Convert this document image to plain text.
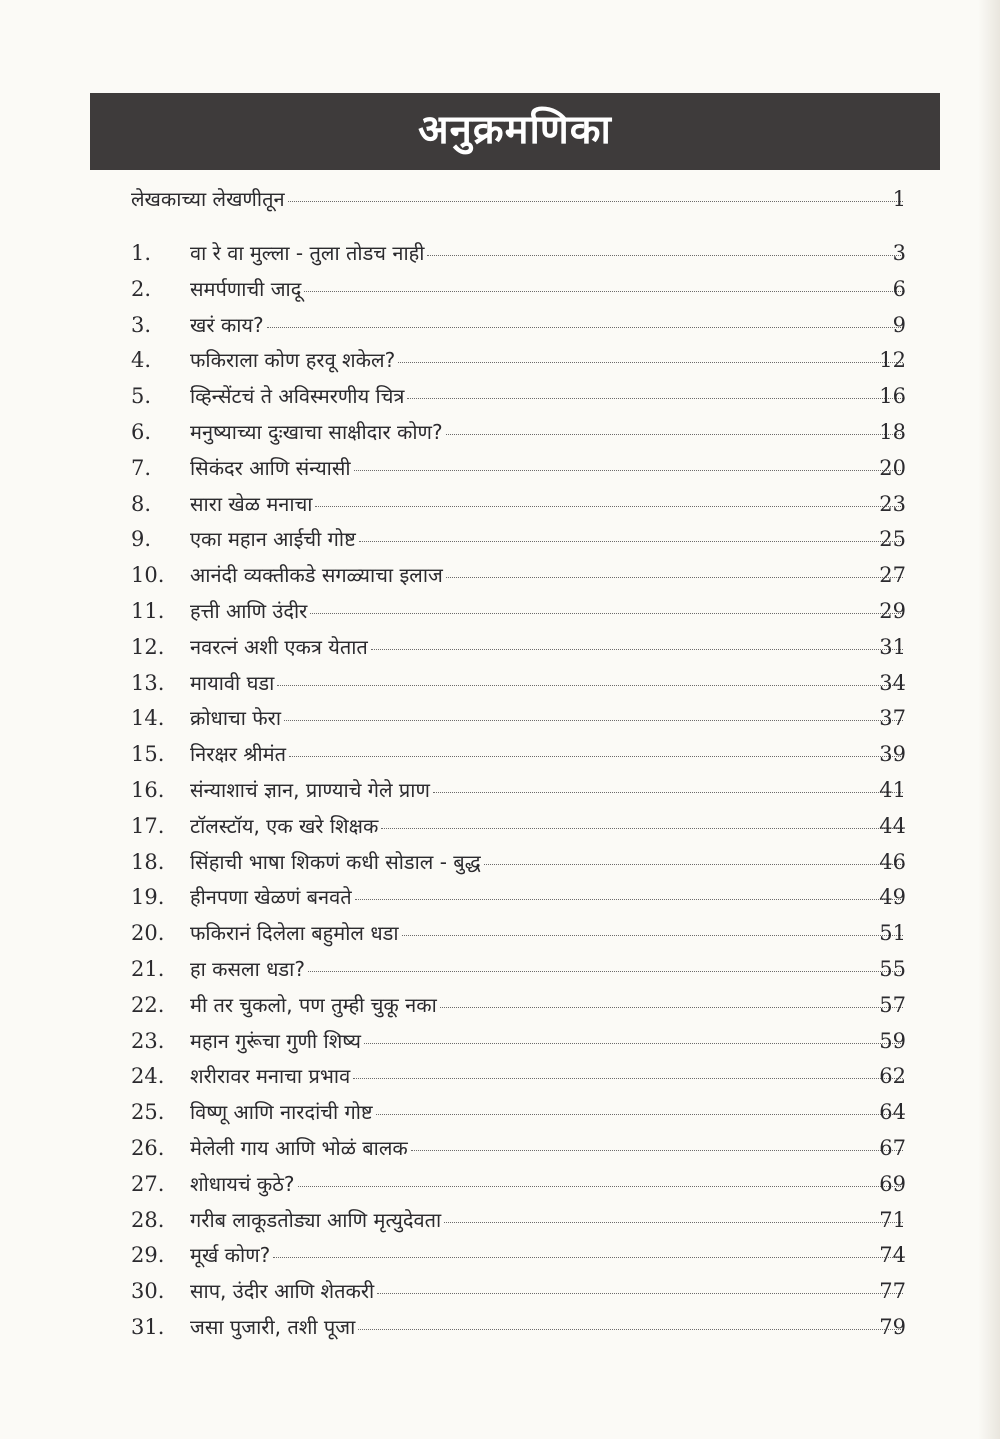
अनुक्रमणिका
लेखकाच्या लेखणीतून	1
1.	वा रे वा मुल्ला - तुला तोडच नाही	3
2.	समर्पणाची जादू	6
3.	खरं काय?	9
4.	फकिराला कोण हरवू शकेल?	12
5.	व्हिन्सेंटचं ते अविस्मरणीय चित्र	16
6.	मनुष्याच्या दुःखाचा साक्षीदार कोण?	18
7.	सिकंदर आणि संन्यासी	20
8.	सारा खेळ मनाचा	23
9.	एका महान आईची गोष्ट	25
10.	आनंदी व्यक्तीकडे सगळ्याचा इलाज	27
11.	हत्ती आणि उंदीर	29
12.	नवरत्नं अशी एकत्र येतात	31
13.	मायावी घडा	34
14.	क्रोधाचा फेरा	37
15.	निरक्षर श्रीमंत	39
16.	संन्याशाचं ज्ञान, प्राण्याचे गेले प्राण	41
17.	टॉलस्टॉय, एक खरे शिक्षक	44
18.	सिंहाची भाषा शिकणं कधी सोडाल - बुद्ध	46
19.	हीनपणा खेळणं बनवते	49
20.	फकिरानं दिलेला बहुमोल धडा	51
21.	हा कसला धडा?	55
22.	मी तर चुकलो, पण तुम्ही चुकू नका	57
23.	महान गुरूंचा गुणी शिष्य	59
24.	शरीरावर मनाचा प्रभाव	62
25.	विष्णू आणि नारदांची गोष्ट	64
26.	मेलेली गाय आणि भोळं बालक	67
27.	शोधायचं कुठे?	69
28.	गरीब लाकूडतोड्या आणि मृत्युदेवता	71
29.	मूर्ख कोण?	74
30.	साप, उंदीर आणि शेतकरी	77
31.	जसा पुजारी, तशी पूजा	79
